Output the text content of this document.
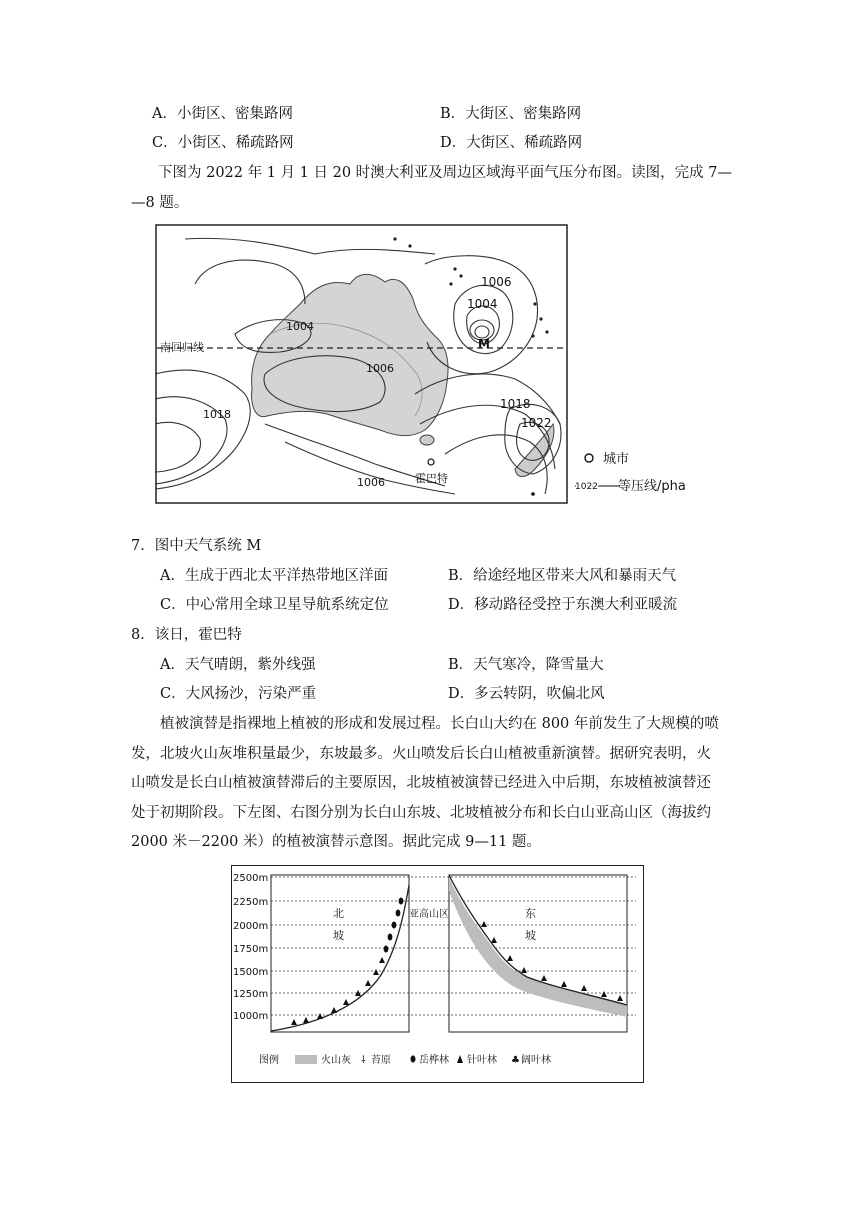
A．小街区、密集路网	B．大街区、密集路网
C．小街区、稀疏路网	D．大街区、稀疏路网
下图为 2022 年 1 月 1 日 20 时澳大利亚及周边区域海平面气压分布图。读图，完成 7—
—8 题。
南回归线
1006
1004
1004
1006
1018
1018
1022
1006
M
霍巴特
城市
1022 等压线/pha
7．图中天气系统 M
A．生成于西北太平洋热带地区洋面	B．给途经地区带来大风和暴雨天气
C．中心常用全球卫星导航系统定位	D．移动路径受控于东澳大利亚暖流
8．该日，霍巴特
A．天气晴朗，紫外线强	B．天气寒冷，降雪量大
C．大风扬沙，污染严重	D．多云转阴，吹偏北风
植被演替是指裸地上植被的形成和发展过程。长白山大约在 800 年前发生了大规模的喷
发，北坡火山灰堆积量最少，东坡最多。火山喷发后长白山植被重新演替。据研究表明，火
山喷发是长白山植被演替滞后的主要原因，北坡植被演替已经进入中后期，东坡植被演替还
处于初期阶段。下左图、右图分别为长白山东坡、北坡植被分布和长白山亚高山区（海拔约
2000 米－2200 米）的植被演替示意图。据此完成 9—11 题。
2500m
2250m
2000m
1750m
1500m
1250m
1000m
北
坡
亚高山区	东
坡
图例	火山灰 ⸸ 苔原	岳桦林 针叶林 ♣ 阔叶林
